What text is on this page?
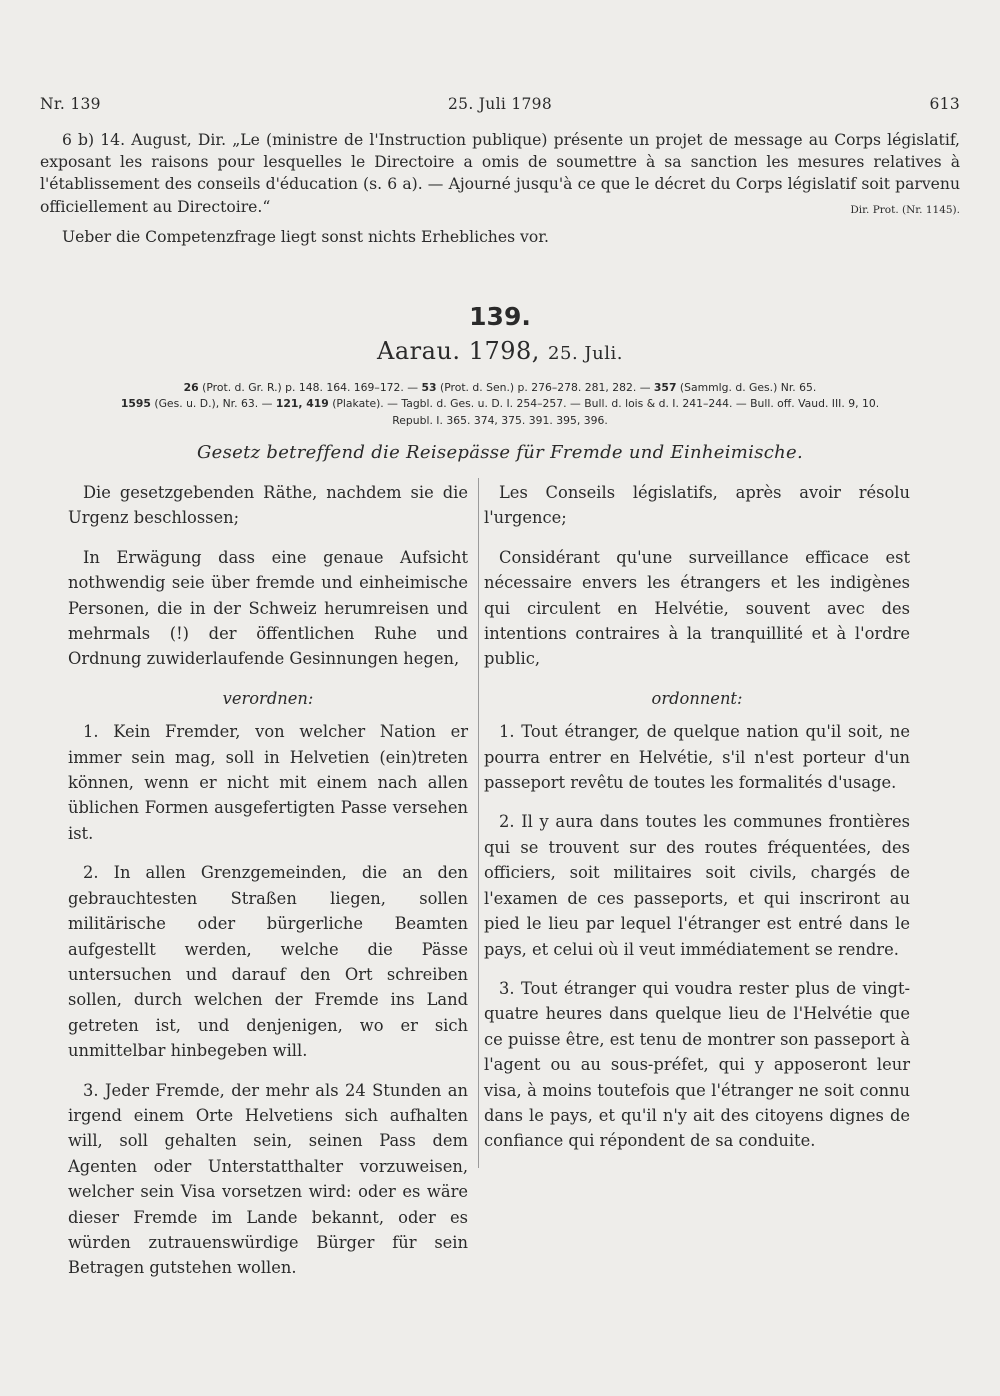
Nr. 139	25. Juli 1798	613

6 b) 14. August, Dir. „Le (ministre de l'Instruction publique) présente un projet de message au Corps législatif, exposant les raisons pour lesquelles le Directoire a omis de soumettre à sa sanction les mesures relatives à l'établissement des conseils d'éducation (s. 6 a). — Ajourné jusqu'à ce que le décret du Corps législatif soit parvenu officiellement au Directoire.“	Dir. Prot. (Nr. 1145).

Ueber die Competenzfrage liegt sonst nichts Erhebliches vor.

139.
Aarau. 1798, 25. Juli.
26 (Prot. d. Gr. R.) p. 148. 164. 169–172. — 53 (Prot. d. Sen.) p. 276–278. 281, 282. — 357 (Sammlg. d. Ges.) Nr. 65.
1595 (Ges. u. D.), Nr. 63. — 121, 419 (Plakate). — Tagbl. d. Ges. u. D. I. 254–257. — Bull. d. lois & d. I. 241–244. — Bull. off. Vaud. III. 9, 10.
Republ. I. 365. 374, 375. 391. 395, 396.
Gesetz betreffend die Reisepässe für Fremde und Einheimische.

Die gesetzgebenden Räthe, nachdem sie die Urgenz beschlossen;

In Erwägung dass eine genaue Aufsicht nothwendig seie über fremde und einheimische Personen, die in der Schweiz herumreisen und mehrmals (!) der öffentlichen Ruhe und Ordnung zuwiderlaufende Gesinnungen hegen,

verordnen:

1. Kein Fremder, von welcher Nation er immer sein mag, soll in Helvetien (ein)treten können, wenn er nicht mit einem nach allen üblichen Formen ausgefertigten Passe versehen ist.

2. In allen Grenzgemeinden, die an den gebrauchtesten Straßen liegen, sollen militärische oder bürgerliche Beamten aufgestellt werden, welche die Pässe untersuchen und darauf den Ort schreiben sollen, durch welchen der Fremde ins Land getreten ist, und denjenigen, wo er sich unmittelbar hinbegeben will.

3. Jeder Fremde, der mehr als 24 Stunden an irgend einem Orte Helvetiens sich aufhalten will, soll gehalten sein, seinen Pass dem Agenten oder Unterstatthalter vorzuweisen, welcher sein Visa vorsetzen wird: oder es wäre dieser Fremde im Lande bekannt, oder es würden zutrauenswürdige Bürger für sein Betragen gutstehen wollen.

Les Conseils législatifs, après avoir résolu l'urgence;

Considérant qu'une surveillance efficace est nécessaire envers les étrangers et les indigènes qui circulent en Helvétie, souvent avec des intentions contraires à la tranquillité et à l'ordre public,

ordonnent:

1. Tout étranger, de quelque nation qu'il soit, ne pourra entrer en Helvétie, s'il n'est porteur d'un passeport revêtu de toutes les formalités d'usage.

2. Il y aura dans toutes les communes frontières qui se trouvent sur des routes fréquentées, des officiers, soit militaires soit civils, chargés de l'examen de ces passeports, et qui inscriront au pied le lieu par lequel l'étranger est entré dans le pays, et celui où il veut immédiatement se rendre.

3. Tout étranger qui voudra rester plus de vingt-quatre heures dans quelque lieu de l'Helvétie que ce puisse être, est tenu de montrer son passeport à l'agent ou au sous-préfet, qui y apposeront leur visa, à moins toutefois que l'étranger ne soit connu dans le pays, et qu'il n'y ait des citoyens dignes de confiance qui répondent de sa conduite.
